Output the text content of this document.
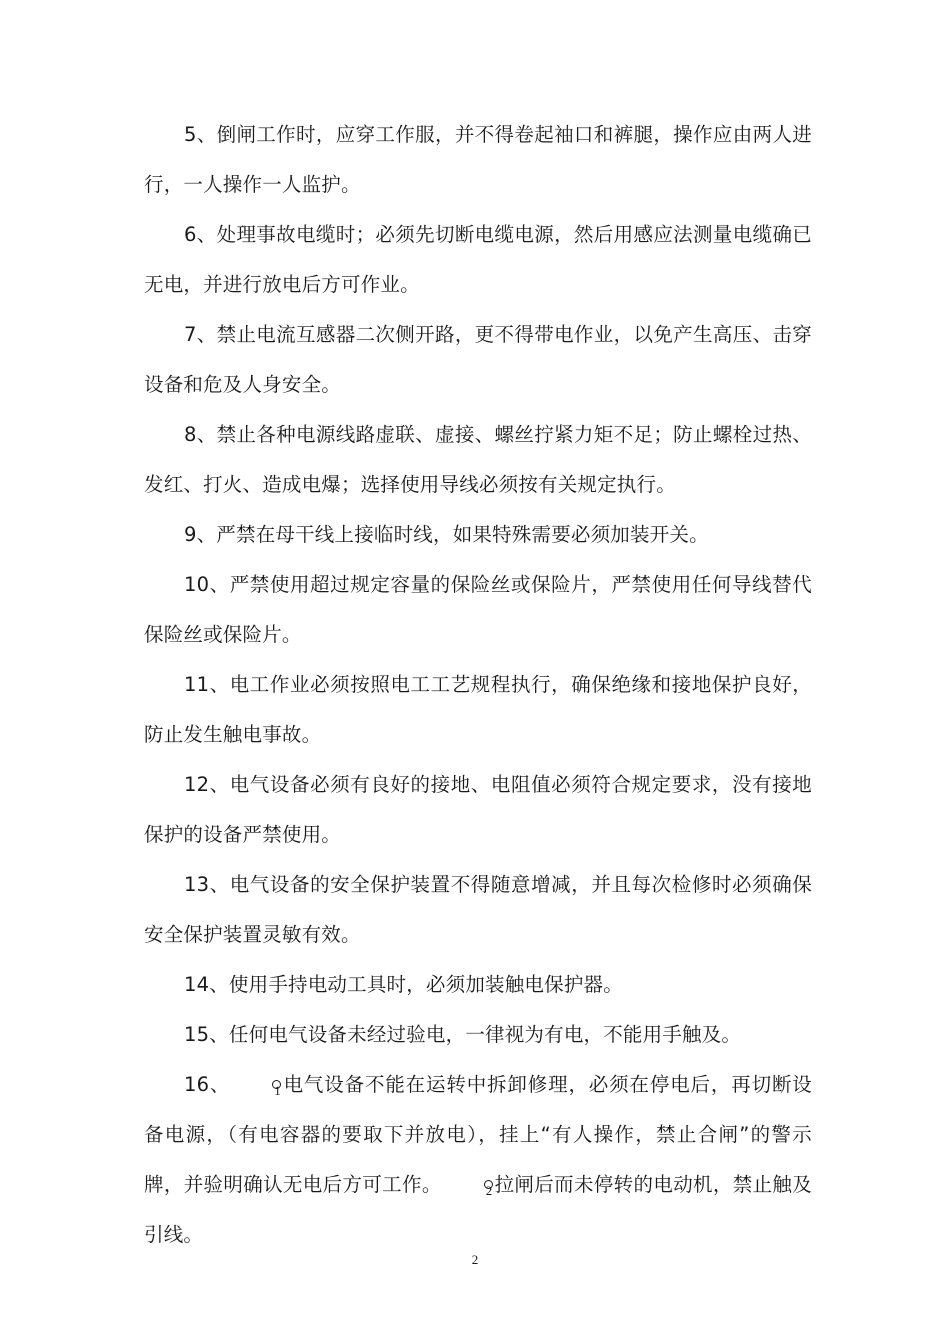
5、倒闸工作时，应穿工作服，并不得卷起袖口和裤腿，操作应由两人进行，一人操作一人监护。

6、处理事故电缆时；必须先切断电缆电源，然后用感应法测量电缆确已无电，并进行放电后方可作业。

7、禁止电流互感器二次侧开路，更不得带电作业，以免产生高压、击穿设备和危及人身安全。

8、禁止各种电源线路虚联、虚接、螺丝拧紧力矩不足；防止螺栓过热、发红、打火、造成电爆；选择使用导线必须按有关规定执行。

9、严禁在母干线上接临时线，如果特殊需要必须加装开关。

10、严禁使用超过规定容量的保险丝或保险片，严禁使用任何导线替代保险丝或保险片。

11、电工作业必须按照电工工艺规程执行，确保绝缘和接地保护良好，防止发生触电事故。

12、电气设备必须有良好的接地、电阻值必须符合规定要求，没有接地保护的设备严禁使用。

13、电气设备的安全保护装置不得随意增减，并且每次检修时必须确保安全保护装置灵敏有效。

14、使用手持电动工具时，必须加装触电保护器。

15、任何电气设备未经过验电，一律视为有电，不能用手触及。

16、	1 电气设备不能在运转中拆卸修理，必须在停电后，再切断设备电源，（有电容器的要取下并放电），挂上“有人操作，禁止合闸”的警示牌，并验明确认无电后方可工作。	2 拉闸后而未停转的电动机，禁止触及引线。

2
